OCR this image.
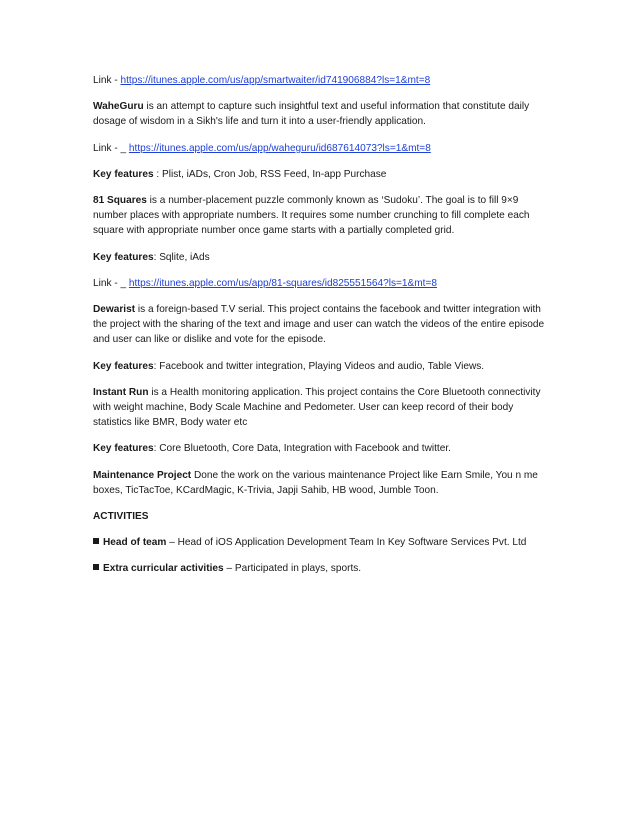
Link - https://itunes.apple.com/us/app/smartwaiter/id741906884?ls=1&mt=8

WaheGuru is an attempt to capture such insightful text and useful information that constitute daily dosage of wisdom in a Sikh's life and turn it into a user-friendly application.

Link - _ https://itunes.apple.com/us/app/waheguru/id687614073?ls=1&mt=8

Key features : Plist, iADs, Cron Job, RSS Feed, In-app Purchase

81 Squares is a number-placement puzzle commonly known as ‘Sudoku’. The goal is to fill 9×9 number places with appropriate numbers. It requires some number crunching to fill complete each square with appropriate number once game starts with a partially completed grid.

Key features: Sqlite, iAds

Link - _ https://itunes.apple.com/us/app/81-squares/id825551564?ls=1&mt=8

Dewarist is a foreign-based T.V serial. This project contains the facebook and twitter integration with the project with the sharing of the text and image and user can watch the videos of the entire episode and user can like or dislike and vote for the episode.

Key features: Facebook and twitter integration, Playing Videos and audio, Table Views.

Instant Run is a Health monitoring application. This project contains the Core Bluetooth connectivity with weight machine, Body Scale Machine and Pedometer. User can keep record of their body statistics like BMR, Body water etc

Key features: Core Bluetooth, Core Data, Integration with Facebook and twitter.

Maintenance Project Done the work on the various maintenance Project like Earn Smile, You n me boxes, TicTacToe, KCardMagic, K-Trivia, Japji Sahib, HB wood, Jumble Toon.

ACTIVITIES

Head of team – Head of iOS Application Development Team In Key Software Services Pvt. Ltd

Extra curricular activities – Participated in plays, sports.
